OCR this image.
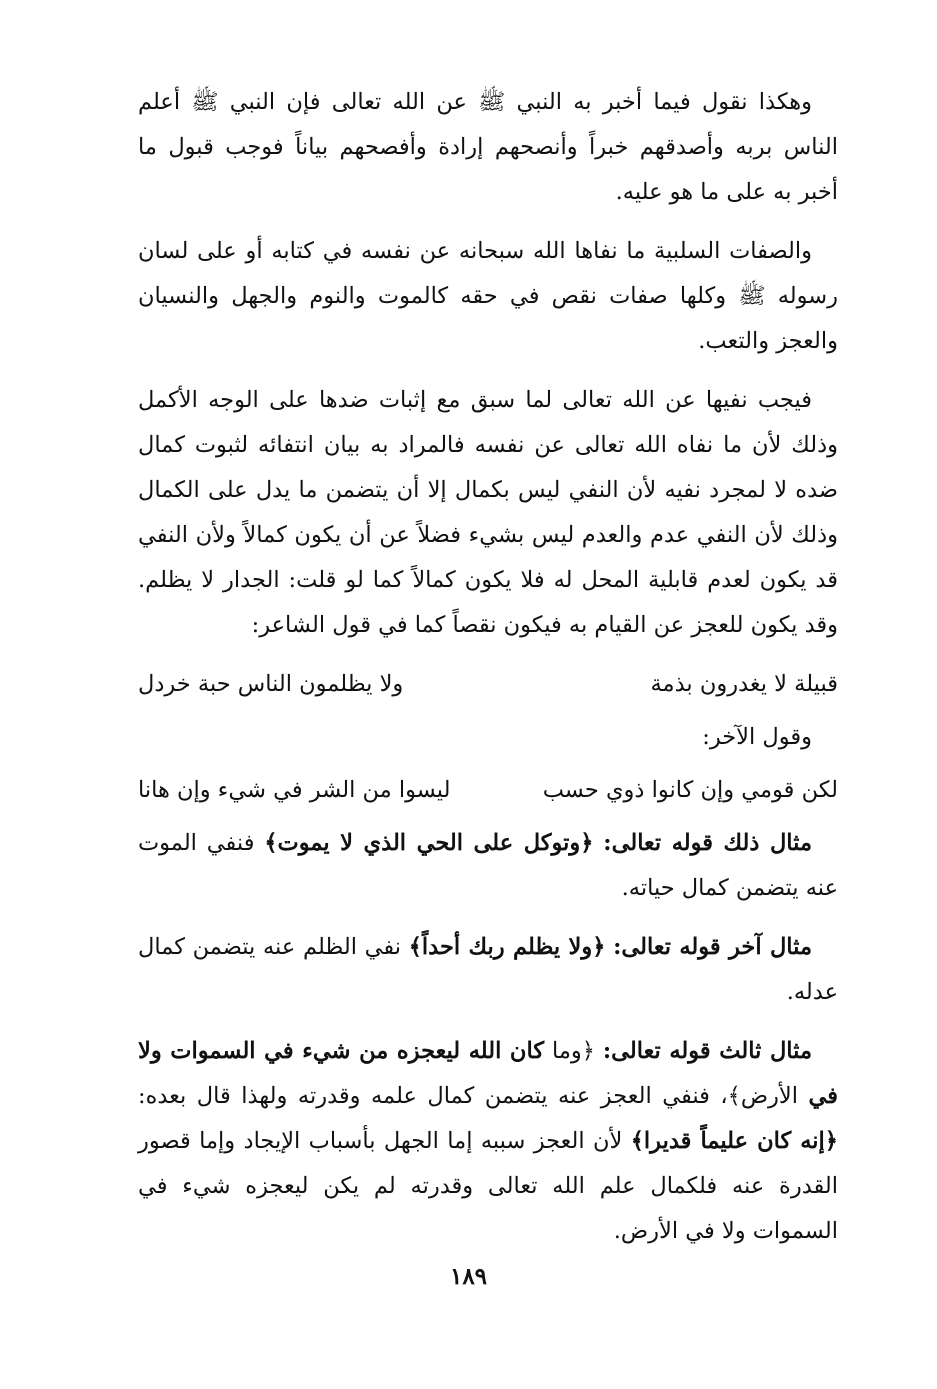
وهكذا نقول فيما أخبر به النبي ﷺ عن الله تعالى فإن النبي ﷺ أعلم الناس بربه وأصدقهم خبراً وأنصحهم إرادة وأفصحهم بياناً فوجب قبول ما أخبر به على ما هو عليه.

والصفات السلبية ما نفاها الله سبحانه عن نفسه في كتابه أو على لسان رسوله ﷺ وكلها صفات نقص في حقه كالموت والنوم والجهل والنسيان والعجز والتعب.

فيجب نفيها عن الله تعالى لما سبق مع إثبات ضدها على الوجه الأكمل وذلك لأن ما نفاه الله تعالى عن نفسه فالمراد به بيان انتفائه لثبوت كمال ضده لا لمجرد نفيه لأن النفي ليس بكمال إلا أن يتضمن ما يدل على الكمال وذلك لأن النفي عدم والعدم ليس بشيء فضلاً عن أن يكون كمالاً ولأن النفي قد يكون لعدم قابلية المحل له فلا يكون كمالاً كما لو قلت: الجدار لا يظلم. وقد يكون للعجز عن القيام به فيكون نقصاً كما في قول الشاعر:

قبيلة لا يغدرون بذمة
ولا يظلمون الناس حبة خردل

وقول الآخر:

لكن قومي وإن كانوا ذوي حسب
ليسوا من الشر في شيء وإن هانا

مثال ذلك قوله تعالى: ﴿وتوكل على الحي الذي لا يموت﴾ فنفي الموت عنه يتضمن كمال حياته.

مثال آخر قوله تعالى: ﴿ولا يظلم ربك أحداً﴾ نفي الظلم عنه يتضمن كمال عدله.

مثال ثالث قوله تعالى: ﴿وما كان الله ليعجزه من شيء في السموات ولا في الأرض﴾، فنفي العجز عنه يتضمن كمال علمه وقدرته ولهذا قال بعده: ﴿إنه كان عليماً قديرا﴾ لأن العجز سببه إما الجهل بأسباب الإيجاد وإما قصور القدرة عنه فلكمال علم الله تعالى وقدرته لم يكن ليعجزه شيء في السموات ولا في الأرض.

١٨٩
